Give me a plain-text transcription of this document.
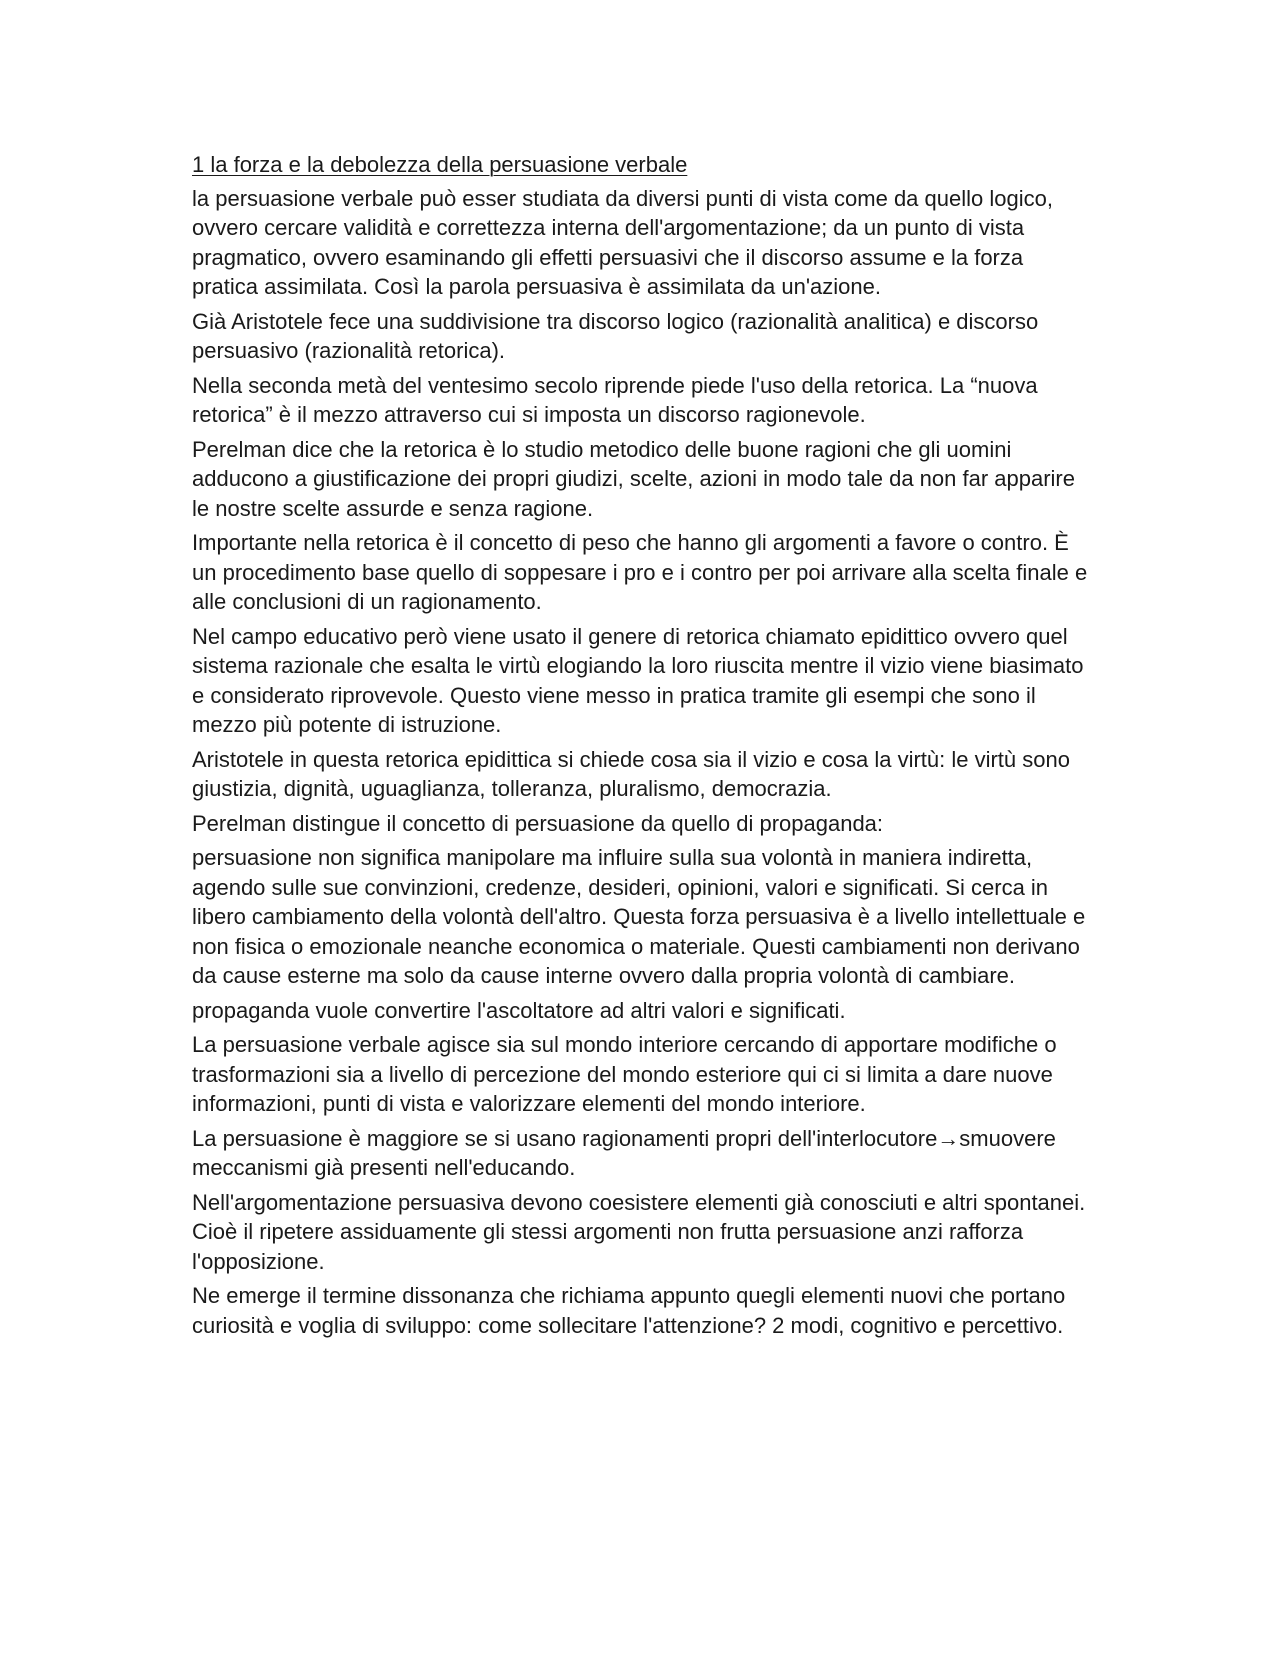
1 la forza e la debolezza della persuasione verbale

la persuasione verbale può esser studiata da diversi punti di vista come da quello logico, ovvero cercare validità e correttezza interna dell'argomentazione; da un punto di vista pragmatico, ovvero esaminando gli effetti persuasivi che il discorso assume e la forza pratica assimilata. Così la parola persuasiva è assimilata da un'azione.

Già Aristotele fece una suddivisione tra discorso logico (razionalità analitica) e discorso persuasivo (razionalità retorica).

Nella seconda metà del ventesimo secolo riprende piede l'uso della retorica. La “nuova retorica” è il mezzo attraverso cui si imposta un discorso ragionevole.

Perelman dice che la retorica è lo studio metodico delle buone ragioni che gli uomini adducono a giustificazione dei propri giudizi, scelte, azioni in modo tale da non far apparire le nostre scelte assurde e senza ragione.

Importante nella retorica è il concetto di peso che hanno gli argomenti a favore o contro. È un procedimento base quello di soppesare i pro e i contro per poi arrivare alla scelta finale e alle conclusioni di un ragionamento.

Nel campo educativo però viene usato il genere di retorica chiamato epidittico ovvero quel sistema razionale che esalta le virtù elogiando la loro riuscita mentre il vizio viene biasimato e considerato riprovevole. Questo viene messo in pratica tramite gli esempi che sono il mezzo più potente di istruzione.

Aristotele in questa retorica epidittica si chiede cosa sia il vizio e cosa la virtù: le virtù sono giustizia, dignità, uguaglianza, tolleranza, pluralismo, democrazia.

Perelman distingue il concetto di persuasione da quello di propaganda:

persuasione non significa manipolare ma influire sulla sua volontà in maniera indiretta, agendo sulle sue convinzioni, credenze, desideri, opinioni, valori e significati. Si cerca in libero cambiamento della volontà dell'altro. Questa forza persuasiva è a livello intellettuale e non fisica o emozionale neanche economica o materiale. Questi cambiamenti non derivano da cause esterne ma solo da cause interne ovvero dalla propria volontà di cambiare.

propaganda vuole convertire l'ascoltatore ad altri valori e significati.

La persuasione verbale agisce sia sul mondo interiore cercando di apportare modifiche o trasformazioni sia a livello di percezione del mondo esteriore qui ci si limita a dare nuove informazioni, punti di vista e valorizzare elementi del mondo interiore.

La persuasione è maggiore se si usano ragionamenti propri dell'interlocutore→smuovere meccanismi già presenti nell'educando.

Nell'argomentazione persuasiva devono coesistere elementi già conosciuti e altri spontanei. Cioè il ripetere assiduamente gli stessi argomenti non frutta persuasione anzi rafforza l'opposizione.

Ne emerge il termine dissonanza che richiama appunto quegli elementi nuovi che portano curiosità e voglia di sviluppo: come sollecitare l'attenzione? 2 modi, cognitivo e percettivo.
